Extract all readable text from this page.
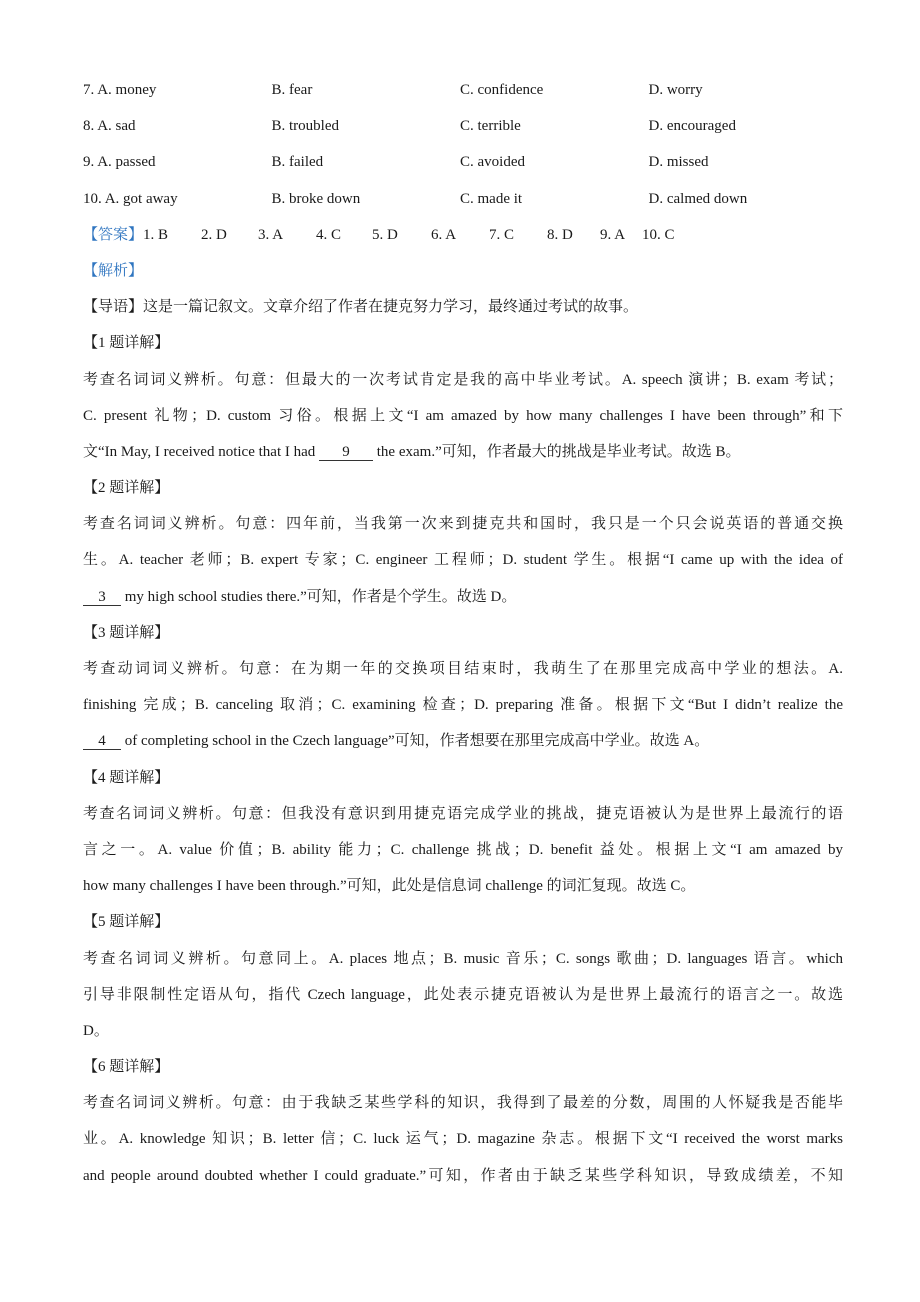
7. A. money	B. fear	C. confidence	D. worry
8. A. sad	B. troubled	C. terrible	D. encouraged
9. A. passed	B. failed	C. avoided	D. missed
10. A. got away	B. broke down	C. made it	D. calmed down
【答案】 1. B	2. D	3. A	4. C	5. D	6. A	7. C	8. D	9. A	10. C
【解析】
【导语】这是一篇记叙文。文章介绍了作者在捷克努力学习，最终通过考试的故事。
【1 题详解】
考查名词词义辨析。句意：但最大的一次考试肯定是我的高中毕业考试。A. speech 演讲；B. exam 考试；
C. present 礼物；D. custom 习俗。根据上文“I am amazed by how many challenges I have been through”和下
文“In May, I received notice that I had 9 the exam.”可知，作者最大的挑战是毕业考试。故选 B。
【2 题详解】
考查名词词义辨析。句意：四年前，当我第一次来到捷克共和国时，我只是一个只会说英语的普通交换
生。A. teacher 老师；B. expert 专家；C. engineer 工程师；D. student 学生。根据“I came up with the idea of
3 my high school studies there.”可知，作者是个学生。故选 D。
【3 题详解】
考查动词词义辨析。句意：在为期一年的交换项目结束时，我萌生了在那里完成高中学业的想法。A.
finishing 完成；B. canceling 取消；C. examining 检查；D. preparing 准备。根据下文“But I didn’t realize the
4 of completing school in the Czech language”可知，作者想要在那里完成高中学业。故选 A。
【4 题详解】
考查名词词义辨析。句意：但我没有意识到用捷克语完成学业的挑战，捷克语被认为是世界上最流行的语
言之一。A. value 价值；B. ability 能力；C. challenge 挑战；D. benefit 益处。根据上文“I am amazed by
how many challenges I have been through.”可知，此处是信息词 challenge 的词汇复现。故选 C。
【5 题详解】
考查名词词义辨析。句意同上。A. places 地点；B. music 音乐；C. songs 歌曲；D. languages 语言。which
引导非限制性定语从句，指代 Czech language，此处表示捷克语被认为是世界上最流行的语言之一。故选
D。
【6 题详解】
考查名词词义辨析。句意：由于我缺乏某些学科的知识，我得到了最差的分数，周围的人怀疑我是否能毕
业。A. knowledge 知识；B. letter 信；C. luck 运气；D. magazine 杂志。根据下文“I received the worst marks
and people around doubted whether I could graduate.”可知，作者由于缺乏某些学科知识，导致成绩差，不知
